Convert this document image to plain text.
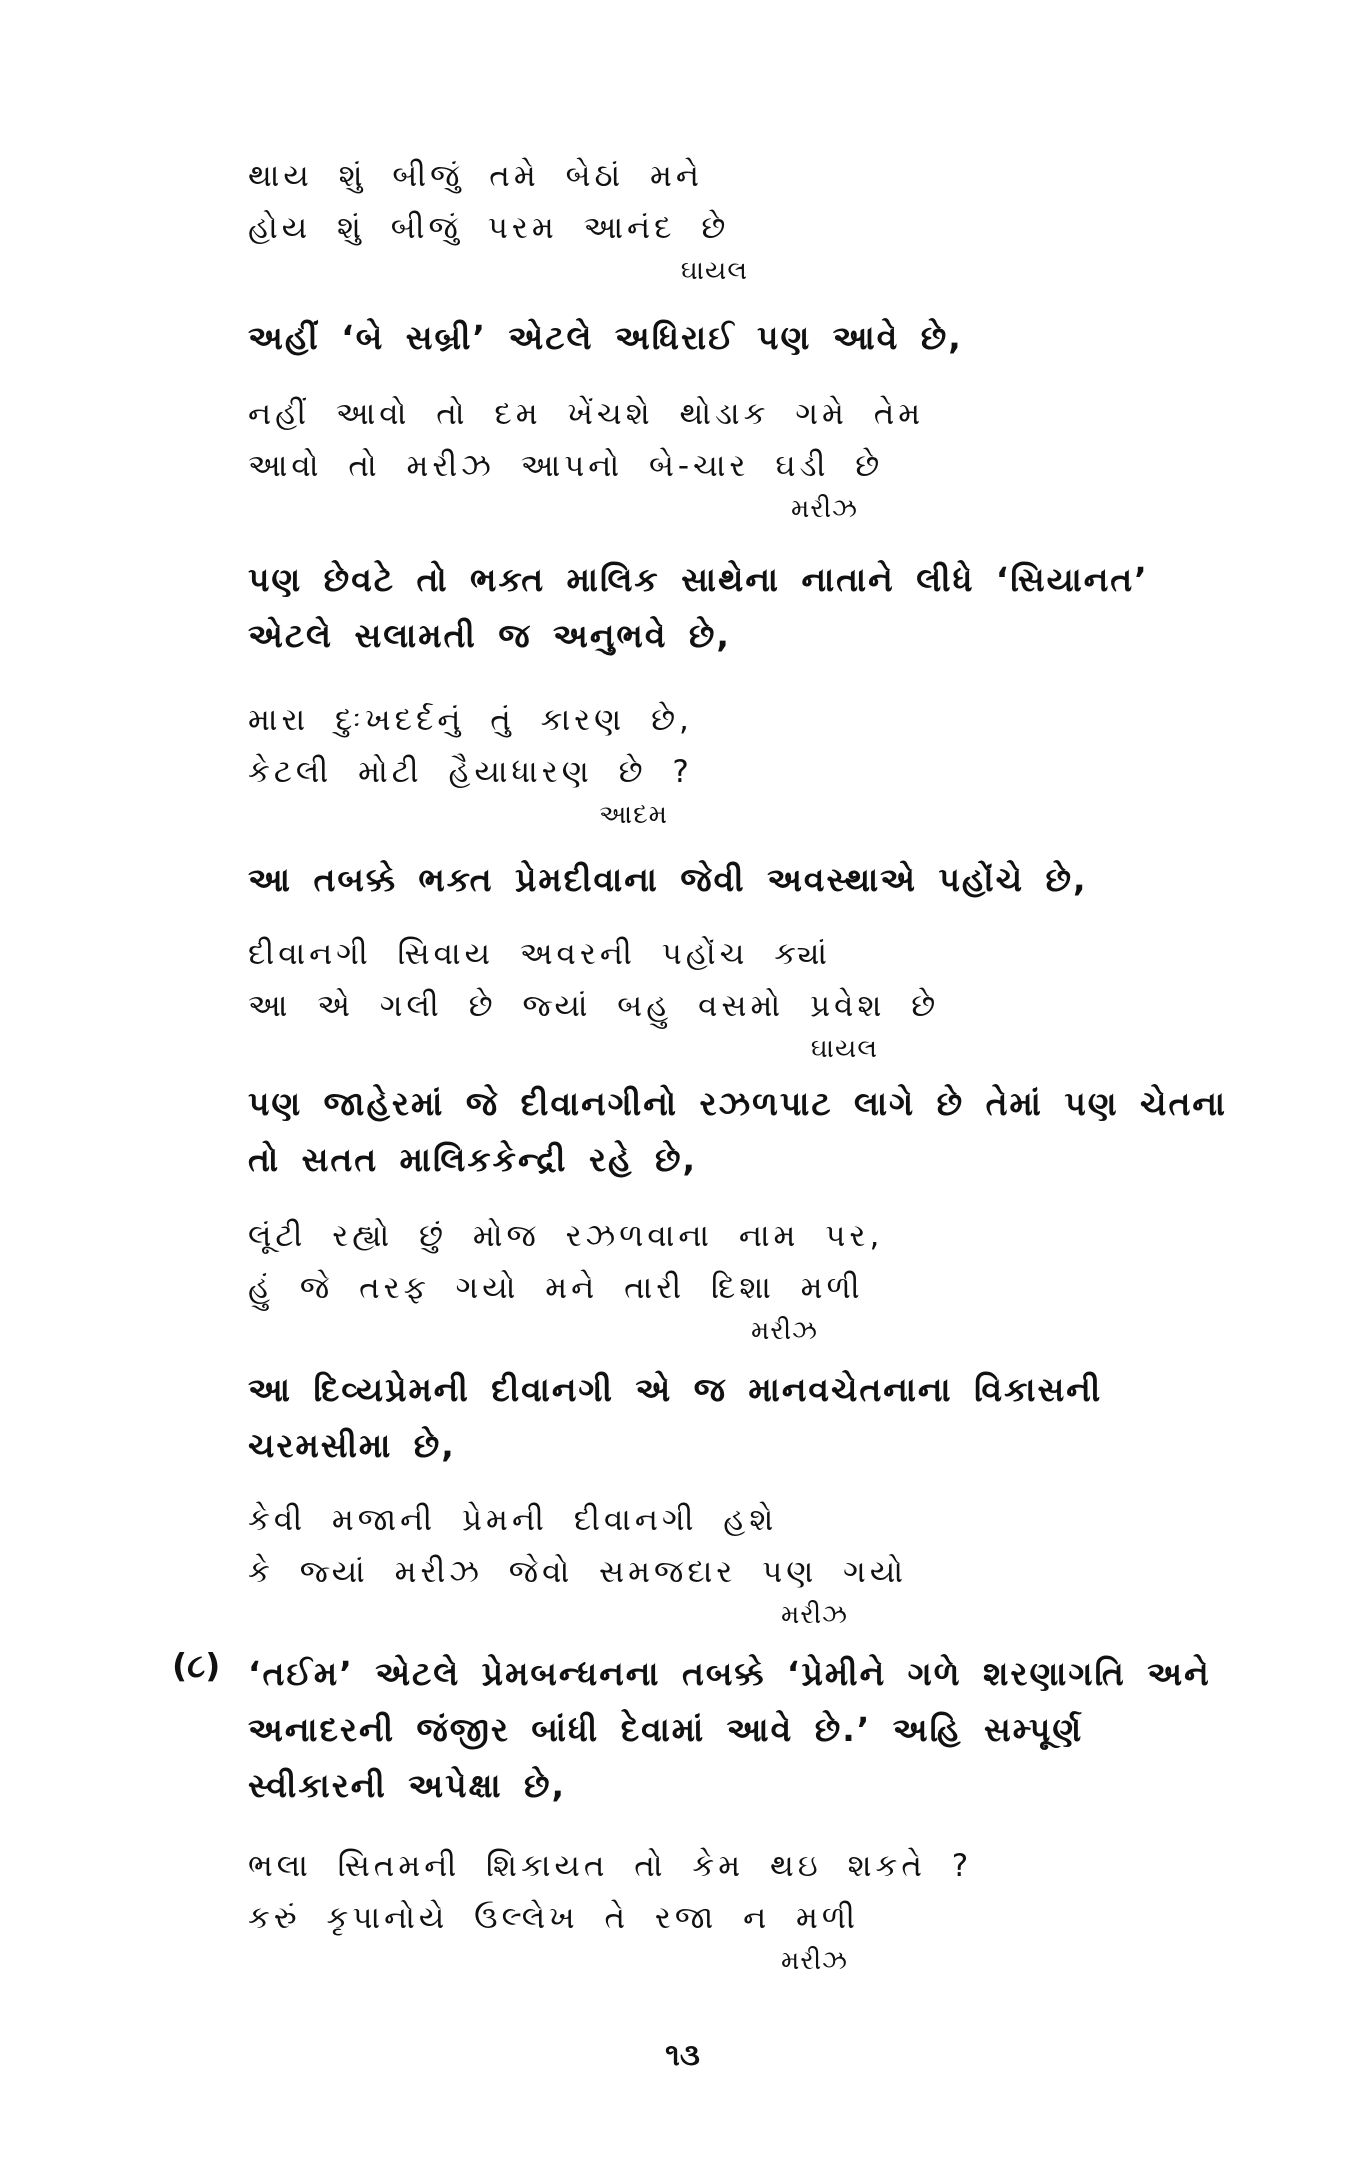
થાય શું બીજું તમે બેઠાં મને
હોય શું બીજું પરમ આનંદ છે
ઘાયલ
અહીં ‘બે સબ્રી’ એટલે અધિરાઈ પણ આવે છે,
નહીં આવો તો દમ ખેંચશે થોડાક ગમે તેમ
આવો તો મરીઝ આપનો બે-ચાર ઘડી છે
મરીઝ
પણ છેવટે તો ભક્ત માલિક સાથેના નાતાને લીધે ‘સિયાનત’
એટલે સલામતી જ અનુભવે છે,
મારા દુઃખદર્દનું તું કારણ છે,
કેટલી મોટી હૈયાધારણ છે ?
આદમ
આ તબક્કે ભક્ત પ્રેમદીવાના જેવી અવસ્થાએ પહોંચે છે,
દીવાનગી સિવાય અવરની પહોંચ ક્યાં
આ એ ગલી છે જ્યાં બહુ વસમો પ્રવેશ છે
ઘાયલ
પણ જાહેરમાં જે દીવાનગીનો રઝળપાટ લાગે છે તેમાં પણ ચેતના
તો સતત માલિકકેન્દ્રી રહે છે,
લૂંટી રહ્યો છું મોજ રઝળવાના નામ પર,
હું જે તરફ ગયો મને તારી દિશા મળી
મરીઝ
આ દિવ્યપ્રેમની દીવાનગી એ જ માનવચેતનાના વિકાસની
ચરમસીમા છે,
કેવી મજાની પ્રેમની દીવાનગી હશે
કે જ્યાં મરીઝ જેવો સમજદાર પણ ગયો
મરીઝ
(૮) ‘તઈમ’ એટલે પ્રેમબન્ધનના તબક્કે ‘પ્રેમીને ગળે શરણાગતિ અને
અનાદરની જંજીર બાંધી દેવામાં આવે છે.’ અહિ સમ્પૂર્ણ
સ્વીકારની અપેક્ષા છે,
ભલા સિતમની શિકાયત તો કેમ થઇ શકતે ?
કરું કૃપાનોયે ઉલ્લેખ તે રજા ન મળી
મરીઝ
૧૩
